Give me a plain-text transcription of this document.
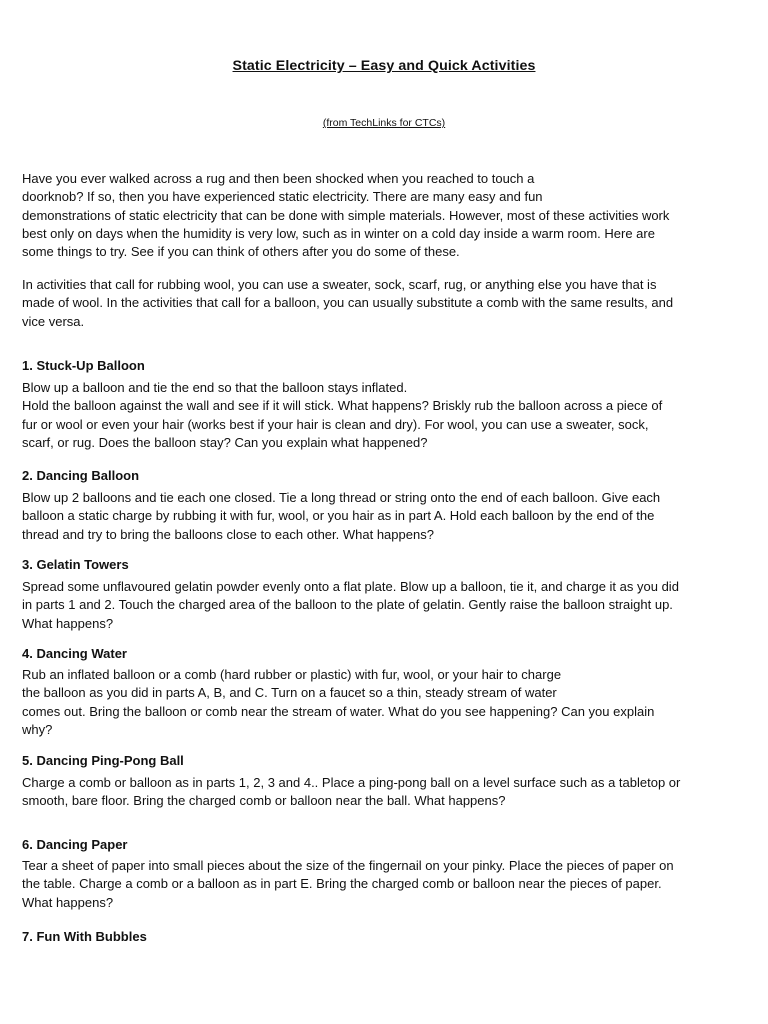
Static Electricity – Easy and Quick Activities
(from TechLinks for CTCs)
Have you ever walked across a rug and then been shocked when you reached to touch a
doorknob? If so, then you have experienced static electricity. There are many easy and fun
demonstrations of static electricity that can be done with simple materials. However, most of these activities work
best only on days when the humidity is very low, such as in winter on a cold day inside a warm room. Here are
some things to try. See if you can think of others after you do some of these.
In activities that call for rubbing wool, you can use a sweater, sock, scarf, rug, or anything else you have that is
made of wool. In the activities that call for a balloon, you can usually substitute a comb with the same results, and
vice versa.
1. Stuck-Up Balloon
Blow up a balloon and tie the end so that the balloon stays inflated.
Hold the balloon against the wall and see if it will stick. What happens? Briskly rub the balloon across a piece of
fur or wool or even your hair (works best if your hair is clean and dry). For wool, you can use a sweater, sock,
scarf, or rug. Does the balloon stay? Can you explain what happened?
2. Dancing Balloon
Blow up 2 balloons and tie each one closed. Tie a long thread or string onto the end of each balloon. Give each
balloon a static charge by rubbing it with fur, wool, or you hair as in part A. Hold each balloon by the end of the
thread and try to bring the balloons close to each other. What happens?
3. Gelatin Towers
Spread some unflavoured gelatin powder evenly onto a flat plate. Blow up a balloon, tie it, and charge it as you did
in parts 1 and 2. Touch the charged area of the balloon to the plate of gelatin. Gently raise the balloon straight up.
What happens?
4. Dancing Water
Rub an inflated balloon or a comb (hard rubber or plastic) with fur, wool, or your hair to charge
the balloon as you did in parts A, B, and C. Turn on a faucet so a thin, steady stream of water
comes out. Bring the balloon or comb near the stream of water. What do you see happening? Can you explain
why?
5. Dancing Ping-Pong Ball
Charge a comb or balloon as in parts 1, 2, 3 and 4.. Place a ping-pong ball on a level surface such as a tabletop or
smooth, bare floor. Bring the charged comb or balloon near the ball. What happens?
6. Dancing Paper
Tear a sheet of paper into small pieces about the size of the fingernail on your pinky. Place the pieces of paper on
the table. Charge a comb or a balloon as in part E. Bring the charged comb or balloon near the pieces of paper.
What happens?
7. Fun With Bubbles
